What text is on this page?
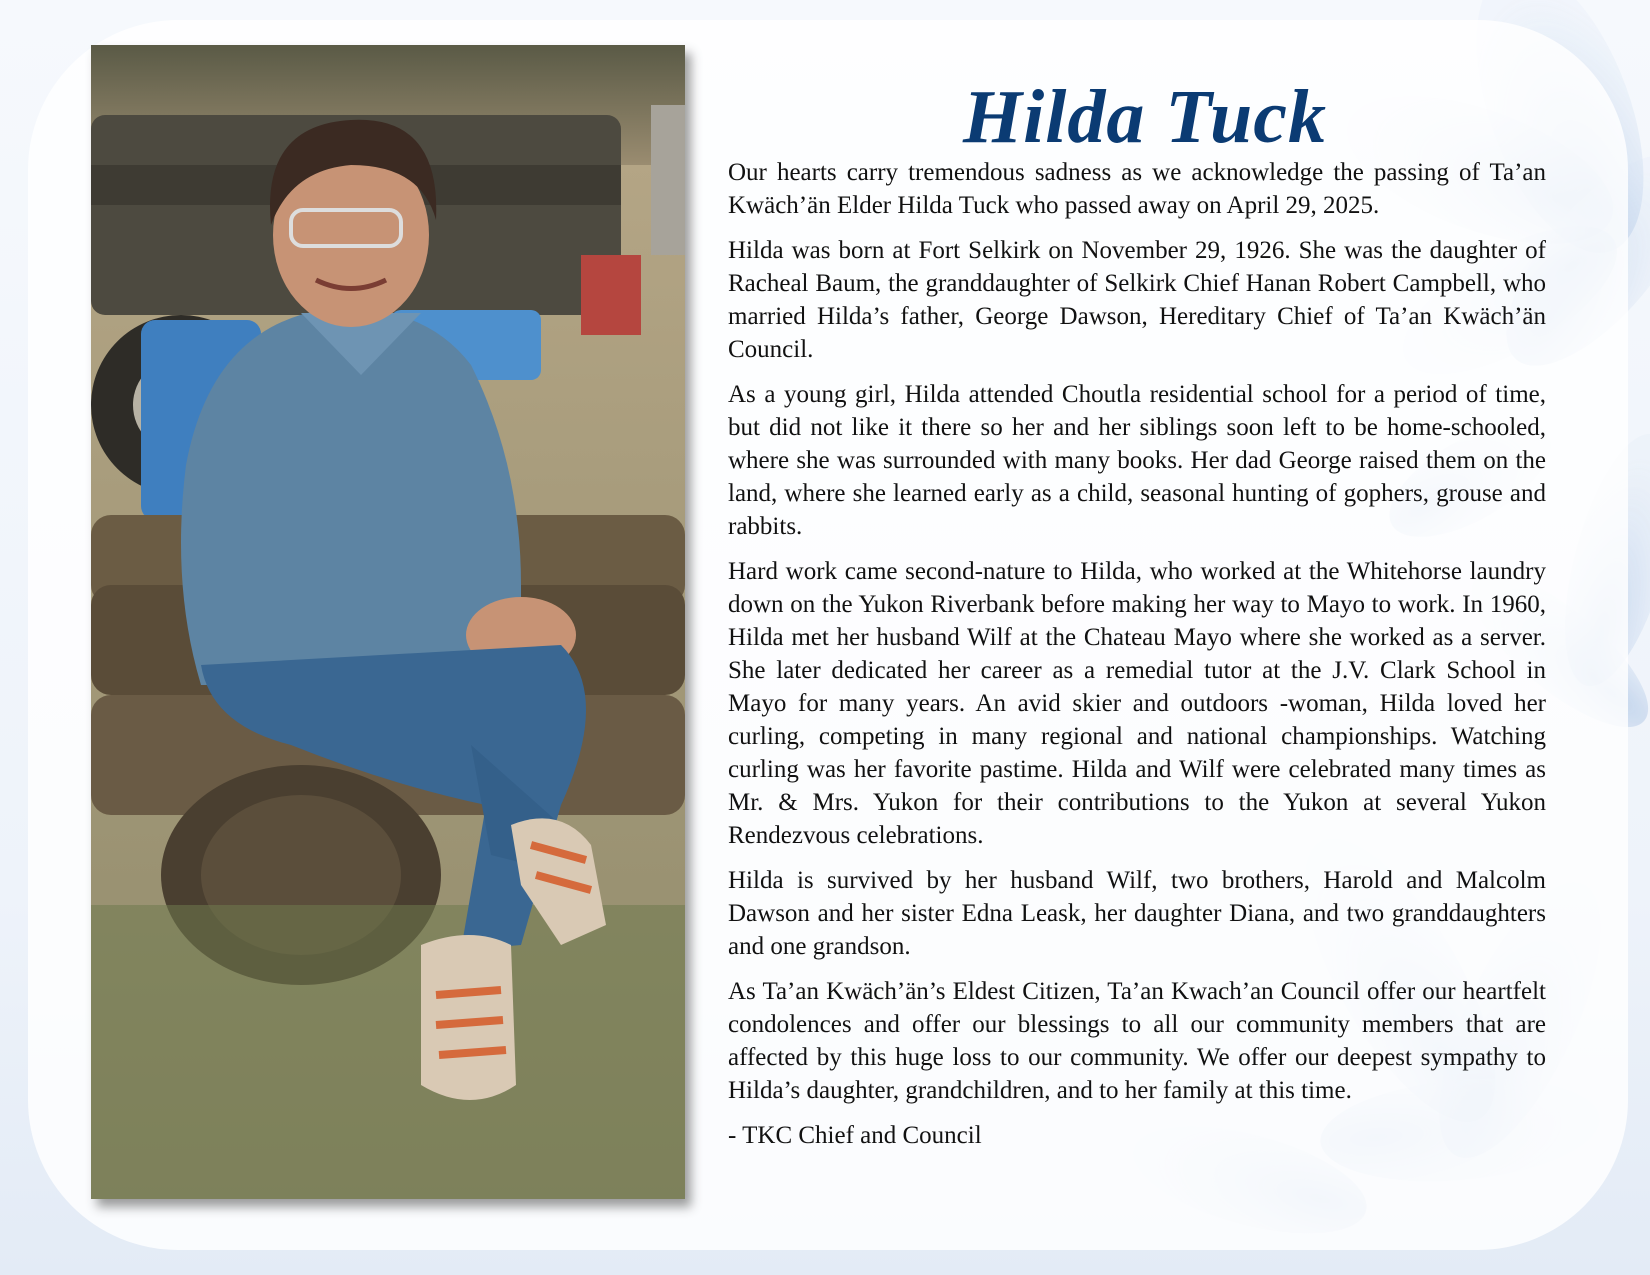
Hilda Tuck

Our hearts carry tremendous sadness as we acknowledge the passing of Ta’an Kwäch’än Elder Hilda Tuck who passed away on April 29, 2025.

Hilda was born at Fort Selkirk on November 29, 1926. She was the daughter of Racheal Baum, the granddaughter of Selkirk Chief Hanan Robert Campbell, who married Hilda’s father, George Dawson, Hereditary Chief of Ta’an Kwäch’än Council.

As a young girl, Hilda attended Choutla residential school for a period of time, but did not like it there so her and her siblings soon left to be home-schooled, where she was surrounded with many books. Her dad George raised them on the land, where she learned early as a child, seasonal hunting of gophers, grouse and rabbits.

Hard work came second-nature to Hilda, who worked at the Whitehorse laundry down on the Yukon Riverbank before making her way to Mayo to work. In 1960, Hilda met her husband Wilf at the Chateau Mayo where she worked as a server. She later dedicated her career as a remedial tutor at the J.V. Clark School in Mayo for many years. An avid skier and outdoors -woman, Hilda loved her curling, competing in many regional and national championships. Watching curling was her favorite pastime. Hilda and Wilf were celebrated many times as Mr. & Mrs. Yukon for their contributions to the Yukon at several Yukon Rendezvous celebrations.

Hilda is survived by her husband Wilf, two brothers, Harold and Malcolm Dawson and her sister Edna Leask, her daughter Diana, and two granddaughters and one grandson.

As Ta’an Kwäch’än’s Eldest Citizen, Ta’an Kwach’an Council offer our heartfelt condolences and offer our blessings to all our community members that are affected by this huge loss to our community. We offer our deepest sympathy to Hilda’s daughter, grandchildren, and to her family at this time.

- TKC Chief and Council
